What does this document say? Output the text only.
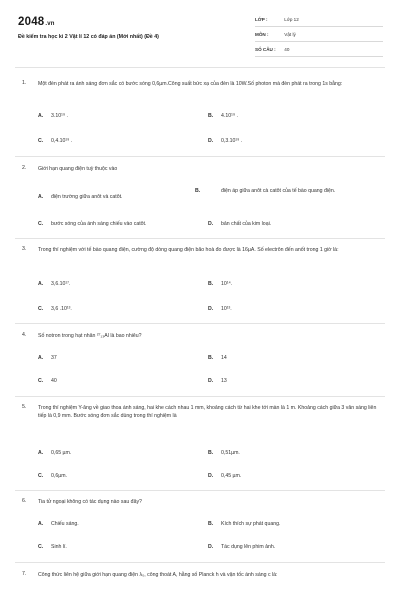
2048.vn
Đề kiểm tra học kì 2 Vật lí 12 có đáp án (Mới nhất) (Đề 4)
LỚP :	Lớp 12
MÔN :	Vật lý
SỐ CÂU : 40
1. Một đèn phát ra ánh sáng đơn sắc có bước sóng 0,6µm.Công suất bức xạ của đèn là 10W.Số photon mà đèn phát ra trong 1s bằng:
A. 3.10¹⁹ .	B. 4.10¹⁹ .
C. 0,4.10¹⁹ .	D. 0,3.10¹⁹ .
2. Giới hạn quang điện tuỳ thuộc vào
A. điện trường giữa anôt và catôt.
B.	điện áp giữa anôt cà catôt của tế bào quang điện.
C. bước sóng của ánh sáng chiếu vào catôt.	D. bản chất của kim loại.
3. Trong thí nghiệm với tế bào quang điện, cường độ dòng quang điện bão hoà đo được là 16µA. Số electrôn đến anốt trong 1 giờ là:
A. 3,6.10¹⁷.	B. 10¹⁴.
C. 3,6 .10¹³.	D. 10¹³.
4. Số notron trong hạt nhân ²⁷₁₃Al là bao nhiêu?
A. 37	B. 14
C. 40	D. 13
5. Trong thí nghiệm Y-âng về giao thoa ánh sáng, hai khe cách nhau 1 mm, khoảng cách từ hai khe tới màn là 1 m. Khoảng cách giữa 3 vân sáng liên tiếp là 0,9 mm. Bước sóng đơn sắc dùng trong thí nghiệm là
A. 0,65 µm.	B. 0,51µm.
C. 0,6µm.	D. 0,45 µm.
6. Tia tử ngoại không có tác dụng nào sau đây?
A. Chiếu sáng.	B. Kích thích sự phát quang.
C. Sinh lí.	D. Tác dụng lên phim ảnh.
7. Công thức liên hệ giữa giới hạn quang điện λ₀, công thoát A, hằng số Planck h và vận tốc ánh sáng c là:
